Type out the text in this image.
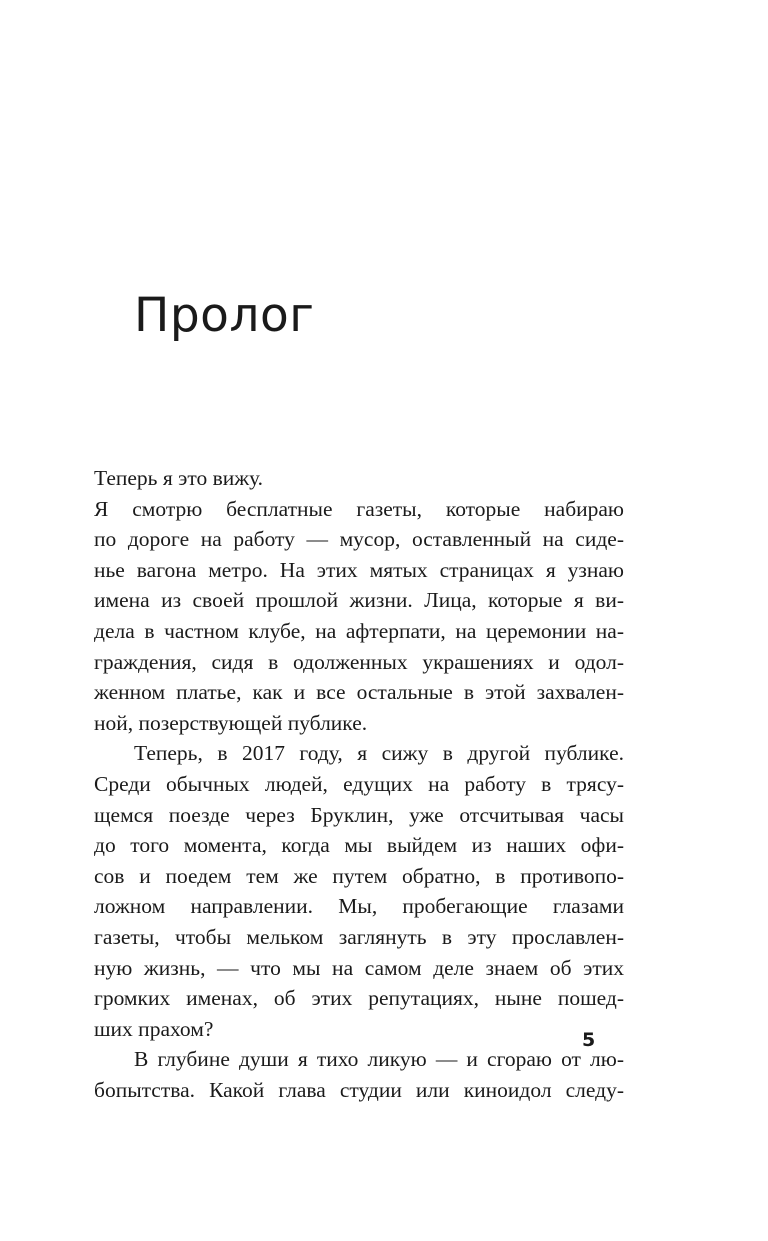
Пролог
Теперь я это вижу.
Я смотрю бесплатные газеты, которые набираю
по дороге на работу — мусор, оставленный на сиде-
нье вагона метро. На этих мятых страницах я узнаю
имена из своей прошлой жизни. Лица, которые я ви-
дела в частном клубе, на афтерпати, на церемонии на-
граждения, сидя в одолженных украшениях и одол-
женном платье, как и все остальные в этой захвален-
ной, позерствующей публике.
Теперь, в 2017 году, я сижу в другой публике.
Среди обычных людей, едущих на работу в трясу-
щемся поезде через Бруклин, уже отсчитывая часы
до того момента, когда мы выйдем из наших офи-
сов и поедем тем же путем обратно, в противопо-
ложном направлении. Мы, пробегающие глазами
газеты, чтобы мельком заглянуть в эту прославлен-
ную жизнь, — что мы на самом деле знаем об этих
громких именах, об этих репутациях, ныне пошед-
ших прахом?
В глубине души я тихо ликую — и сгораю от лю-
бопытства. Какой глава студии или киноидол следу-
5
